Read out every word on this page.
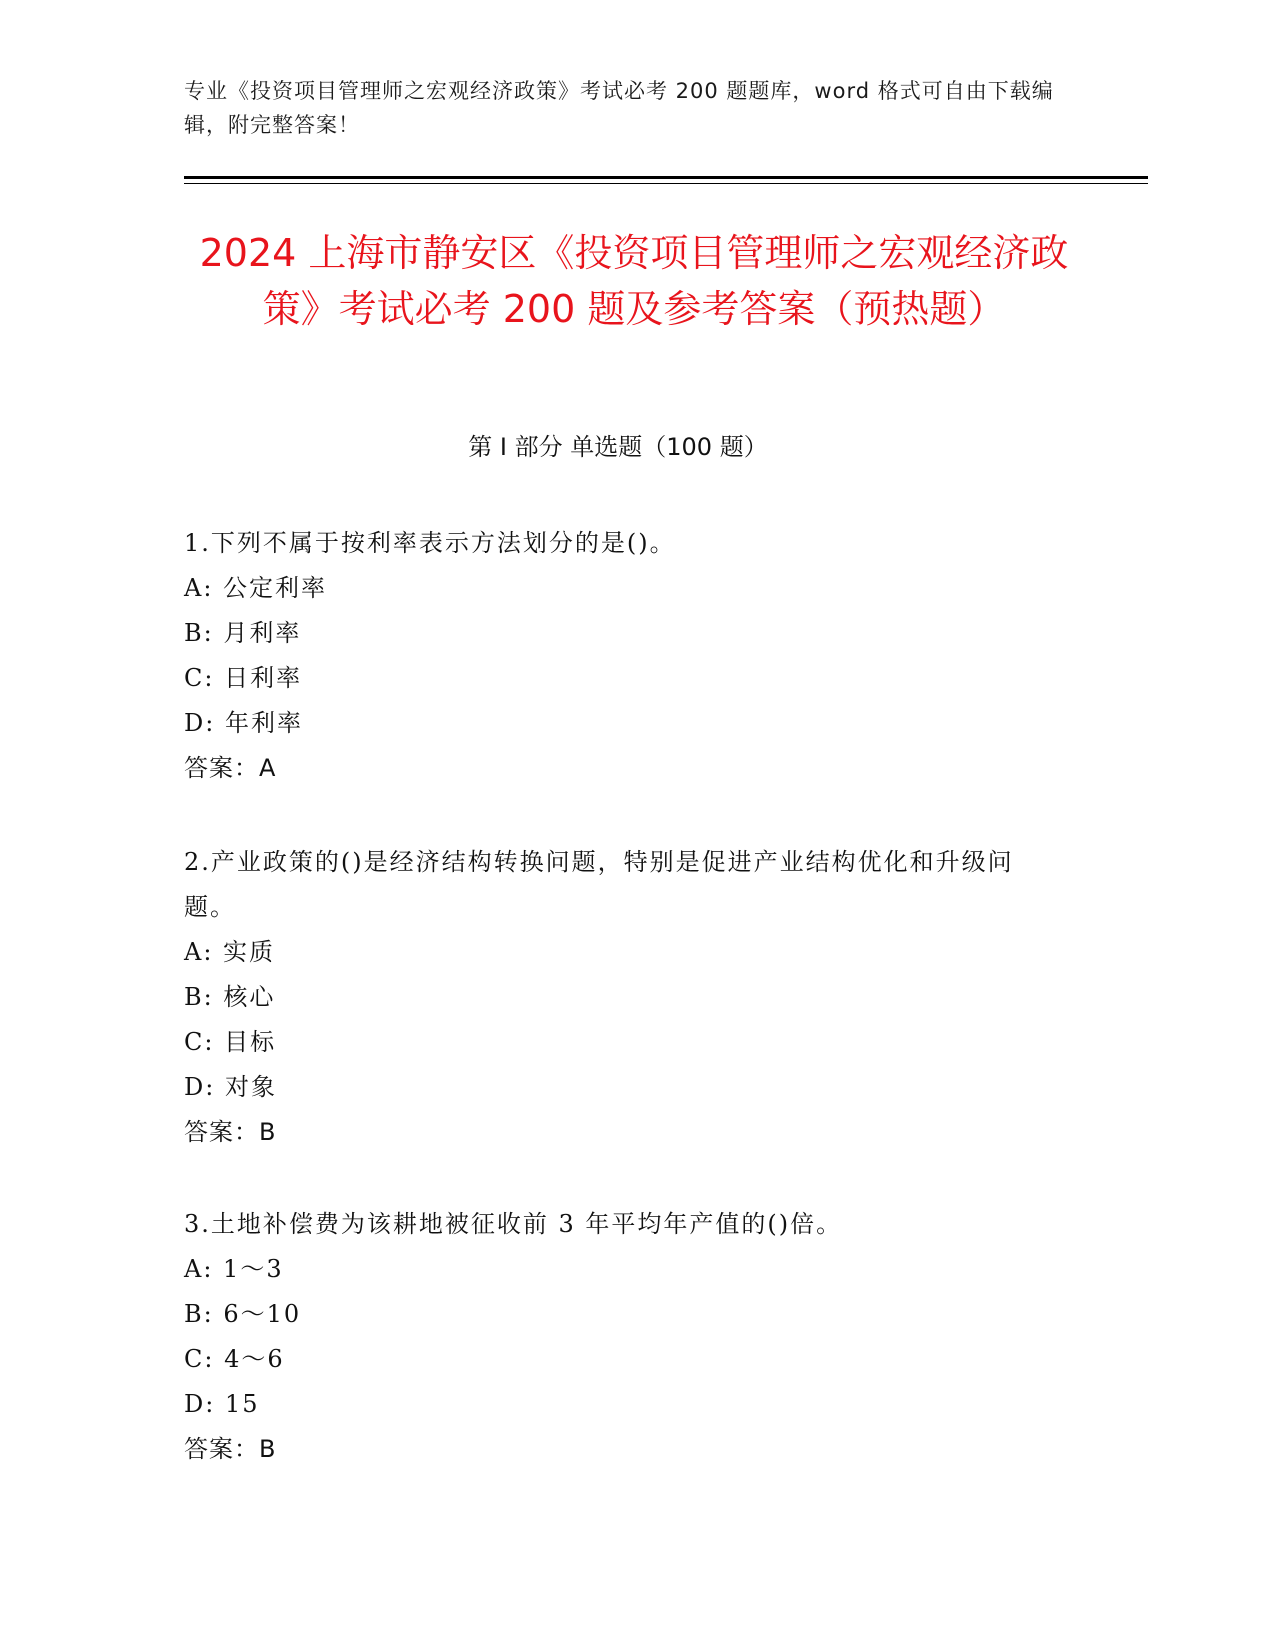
专业《投资项目管理师之宏观经济政策》考试必考 200 题题库，word 格式可自由下载编辑，附完整答案！
2024 上海市静安区《投资项目管理师之宏观经济政策》考试必考 200 题及参考答案（预热题）
第 I 部分 单选题（100 题）
1.下列不属于按利率表示方法划分的是()。
A: 公定利率
B: 月利率
C: 日利率
D: 年利率
答案：A
2.产业政策的()是经济结构转换问题，特别是促进产业结构优化和升级问题。
A: 实质
B: 核心
C: 目标
D: 对象
答案：B
3.土地补偿费为该耕地被征收前 3 年平均年产值的()倍。
A: 1～3
B: 6～10
C: 4～6
D: 15
答案：B
